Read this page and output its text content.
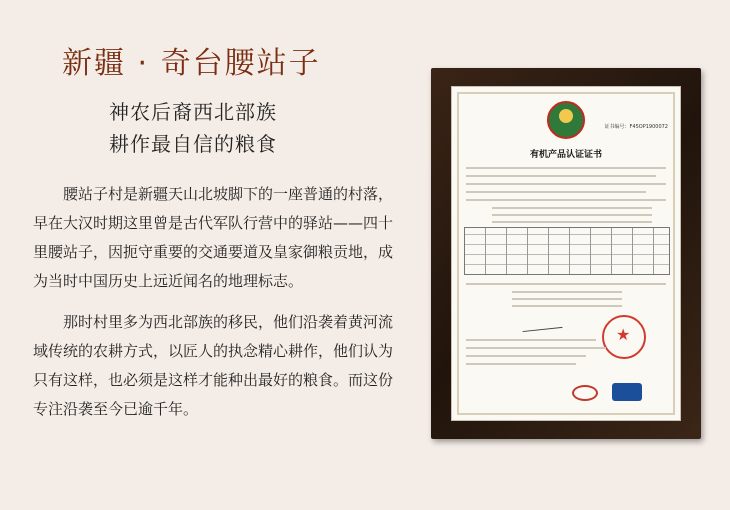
新疆 · 奇台腰站子
神农后裔西北部族
耕作最自信的粮食

腰站子村是新疆天山北坡脚下的一座普通的村落，早在大汉时期这里曾是古代军队行营中的驿站——四十里腰站子，因扼守重要的交通要道及皇家御粮贡地，成为当时中国历史上远近闻名的地理标志。

那时村里多为西北部族的移民，他们沿袭着黄河流域传统的农耕方式，以匠人的执念精心耕作，他们认为只有这样，也必须是这样才能种出最好的粮食。而这份专注沿袭至今已逾千年。

证书编号：F45OP1900072
有机产品认证证书
★
